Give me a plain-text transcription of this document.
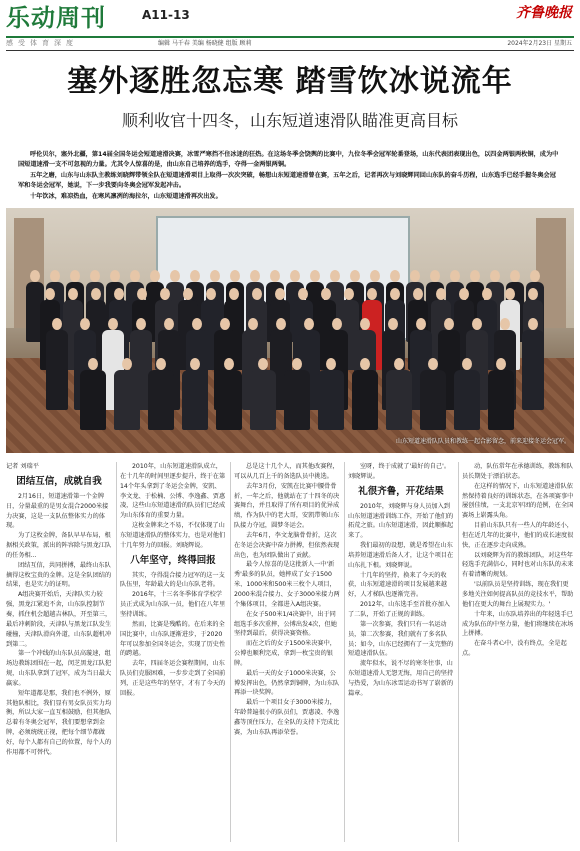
乐动周刊	A11-13	齐鲁晚报
感受体育深度	编辑 马千春 美编 杨晓健 组版 顾莉	2024年2月23日 星期五
塞外逐胜忽忘寒 踏雪饮冰说流年
顺利收官十四冬，山东短道速滑队瞄准更高目标

呼伦贝尔，塞外北疆，第14届全国冬运会短道速滑决赛，冰雪严寒挡不住冰迷的狂热。在这场冬季会饶舆的比赛中，九位冬季会冠军轮番登场，山东代表团表现出色，以四金两银两枚铜，成为中国短道速滑一支不可忽视的力量。尤其令人惊喜的是，由山东自己培养的选手，夺得一金两银两铜。

五年之磨，山东与山东队主教练刘晓辉带领全队在短道速滑项目上取得一次次突破，畅想山东短道速滑曾在赛，五年之后，记者再次与刘晓辉同回山东队的奋斗历程，山东选手已经手握冬奥会冠军和冬运会冠军，她说，下一步我要向冬奥会冠军发起冲击。

十年饮冰，难凉热血，在寒风凛冽的海拉尔，山东短道速滑再次出发。

山东短道速滑队队员和教练一起合影留念，前来迎接冬运会冠军。
记者 刘瑞平
团结互信，成就自我

2月16日，短道速滑第一个金牌日，分量最重的是男女混合2000米接力决赛，这是一支队伍整体实力的体现。

为了这枚金牌，备队早早布局，根据相关政策，派出的阵容除与黑龙江队的任务相...

团结互信，共同拼搏，最终山东队摘得这枚宝贵的金牌。这是全队团结的结果，也是实力的证明。

A组决赛开始后，天津队实力较强，黑龙江紧追不舍，山东队控制节奏，抓住机会超越吉林队，开至第三，最后冲刺阶段，天津队与黑龙江队发生碰撞，天津队滑向外道，山东队超机冲到第二。

第一个冲线的山东队员高璇速，组场边教练团围在一起，闵芝黑龙江队犯规，山东队拿到了冠军，成为当日最大赢家。

短年道都是那，我们也不例外，原其他队相比，我们显有男女队员实力均衡，所以大家一直互相鼓励，但其他队总着有冬奥会冠军，我们要想拿到金牌，必须统统正视，把每个细节都做好，每个人都有自己的位置，每个人的作用都不可替代。

2010年，山东短道速滑队成立，在十几年的时间里逐步提升，终于在第14个年头拿到了冬运会金牌，安凯、李文龙、于松楠、公博、李逸鑫、贾惠凌，这些山东短道速滑的队员们已经成为山东体育的重要力量。

这枚金牌来之不易，不仅体现了山东短道速滑队的整体实力，也是对他们十几年努力的回报。刘晓辉说。

八年坚守，终得回报

其实，夺得混合接力冠军的这一支队伍里，年龄最大的是山东队老将。

2016年，十三名冬季体育学校学员正式成为山东队一员，他们在八年里坚持训练。

然而，比赛是残酷的。在后来的全国比赛中，山东队逐渐进步，于2020年可以参加全国冬运会，实现了历史性的跨越。

去年，四届冬运会赛程期间，山东队员们克服困难，一步步走到了全国前列，正是这些年的坚守，才有了今天的回报。

总是这十几个人，而其他改赛程，可以从几百上千的备选队员中挑选。

去年3月份，安凯在比赛中腰骨骨折，一年之后，他就站在了十四冬的决赛舞台，并且取得了所有项目的优异成绩，作为队中的老大哥，安凯带领山东队接力夺冠，圆梦冬运会。

去年6月，李文龙脑骨骨折，这次在冬运会决赛中奋力拼搏，但依然表现出色，也为团队做出了贡献。

最令人惊喜的是这批新人一中'新秀'最多的队员，她摔成了女子1500米、1000米和500米三枚个人项目，2000米混合接力、女子3000米接力两个集体项目，全都进入A组决赛。

在女子500米1/4决赛中，出于同组选手多次重摔，公博出发4次，但她坚持到最后，获得决赛资格。

而在之后的女子1500米决赛中，公博也顺利完成，拿到一枚宝贵的银牌。

最后一天的女子1000米决赛，公博发挥出色，仍然拿到铜牌，为山东队再添一块奖牌。

最后一个项目女子3000米接力，年龄普遍很小的队员们，贾惠凌、李逸鑫等顶住压力，在全队的支持下完成比赛，为山东队再添荣誉。

室呀，终于成就了'最好的自己'。刘晓辉说。

礼很齐鲁，开花结果

2010年，刘晓辉与身人员加入到山东短道速滑训练工作，开始了他们的拓荒之旅。山东短道速滑，因此顺推起来了。

我们最初的设想，就是希望在山东培养短道速滑后备人才，让这个项目在山东扎下根。刘晓辉说。

十几年的坚持，换来了今天的收获，山东短道速滑的项目发展越来越好，人才梯队也逐渐完善。

2012年，山东选手至首批亦加入了二队，开始了正规的训练。

第一次参赛，我们只有一名运动员，第二次参赛，我们就有了多名队员；如今，山东已经拥有了一支完整的短道速滑队伍。

流年似水，说不尽的寒冬往事，山东短道速滑人无怨无悔，用自己的坚持与热爱，为山东冰雪运动书写了崭新的篇章。

动，队伍常年在承德训练，教练和队员长期处于漂泊状态。

在这样的情况下，山东短道速滑队依然保持着良好的训练状态，在各项赛事中屡创佳绩，一支北京军团的范例，在全国赛场上崭露头角。

目前山东队只有一些人的年龄还小，但在近几年的比赛中，他们的成长速度很快，正在逐步走向成熟。

以刘晓辉为首的教练团队，对这些年轻选手充满信心，同时也对山东队的未来有着清晰的规划。

'以前队员是坚持训练，现在我们更多地关注如何提高队员的竞技水平，帮助他们在更大的舞台上展现实力。'

十年来，山东队培养出的年轻选手已成为队伍的中坚力量，他们将继续在冰场上拼搏。

在奋斗者心中，没有终点，全是起点。
